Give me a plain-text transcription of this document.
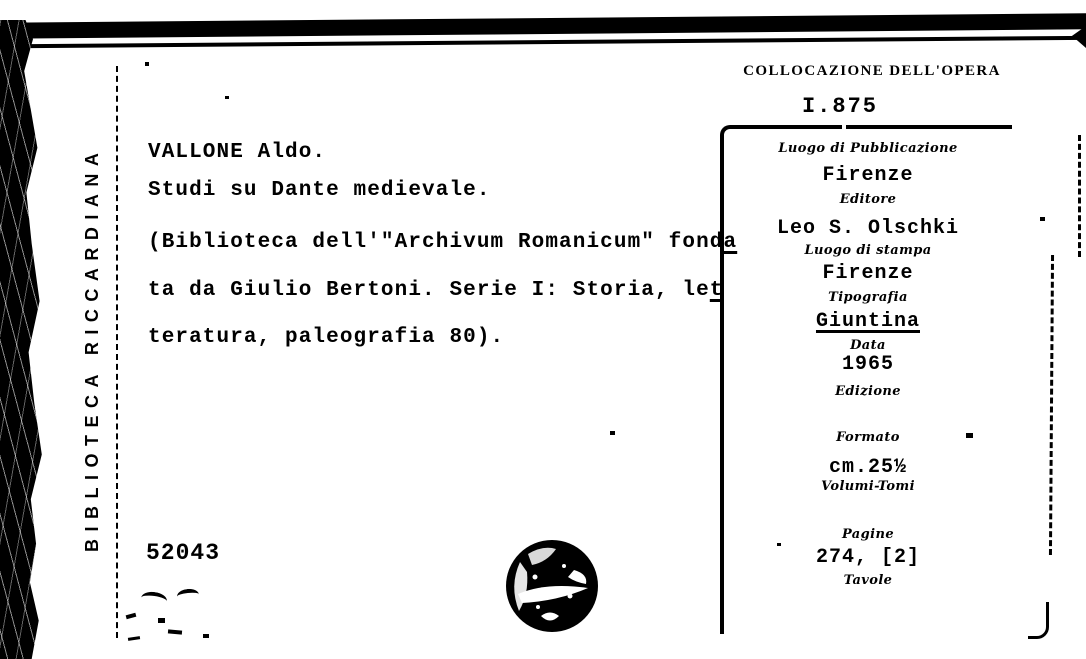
BIBLIOTECA RICCARDIANA VALLONE Aldo.
Studi su Dante medievale.
(Biblioteca dell'"Archivum Romanicum" fonda
ta da Giulio Bertoni. Serie I: Storia, let
teratura, paleografia 80).
52043
COLLOCAZIONE DELL'OPERA
I.875
Luogo di Pubblicazione
Firenze
Editore
Leo S. Olschki
Luogo di stampa
Firenze
Tipografia
Giuntina
Data
1965
Edizione
Formato
cm.25½
Volumi-Tomi
Pagine
274, [2]
Tavole
